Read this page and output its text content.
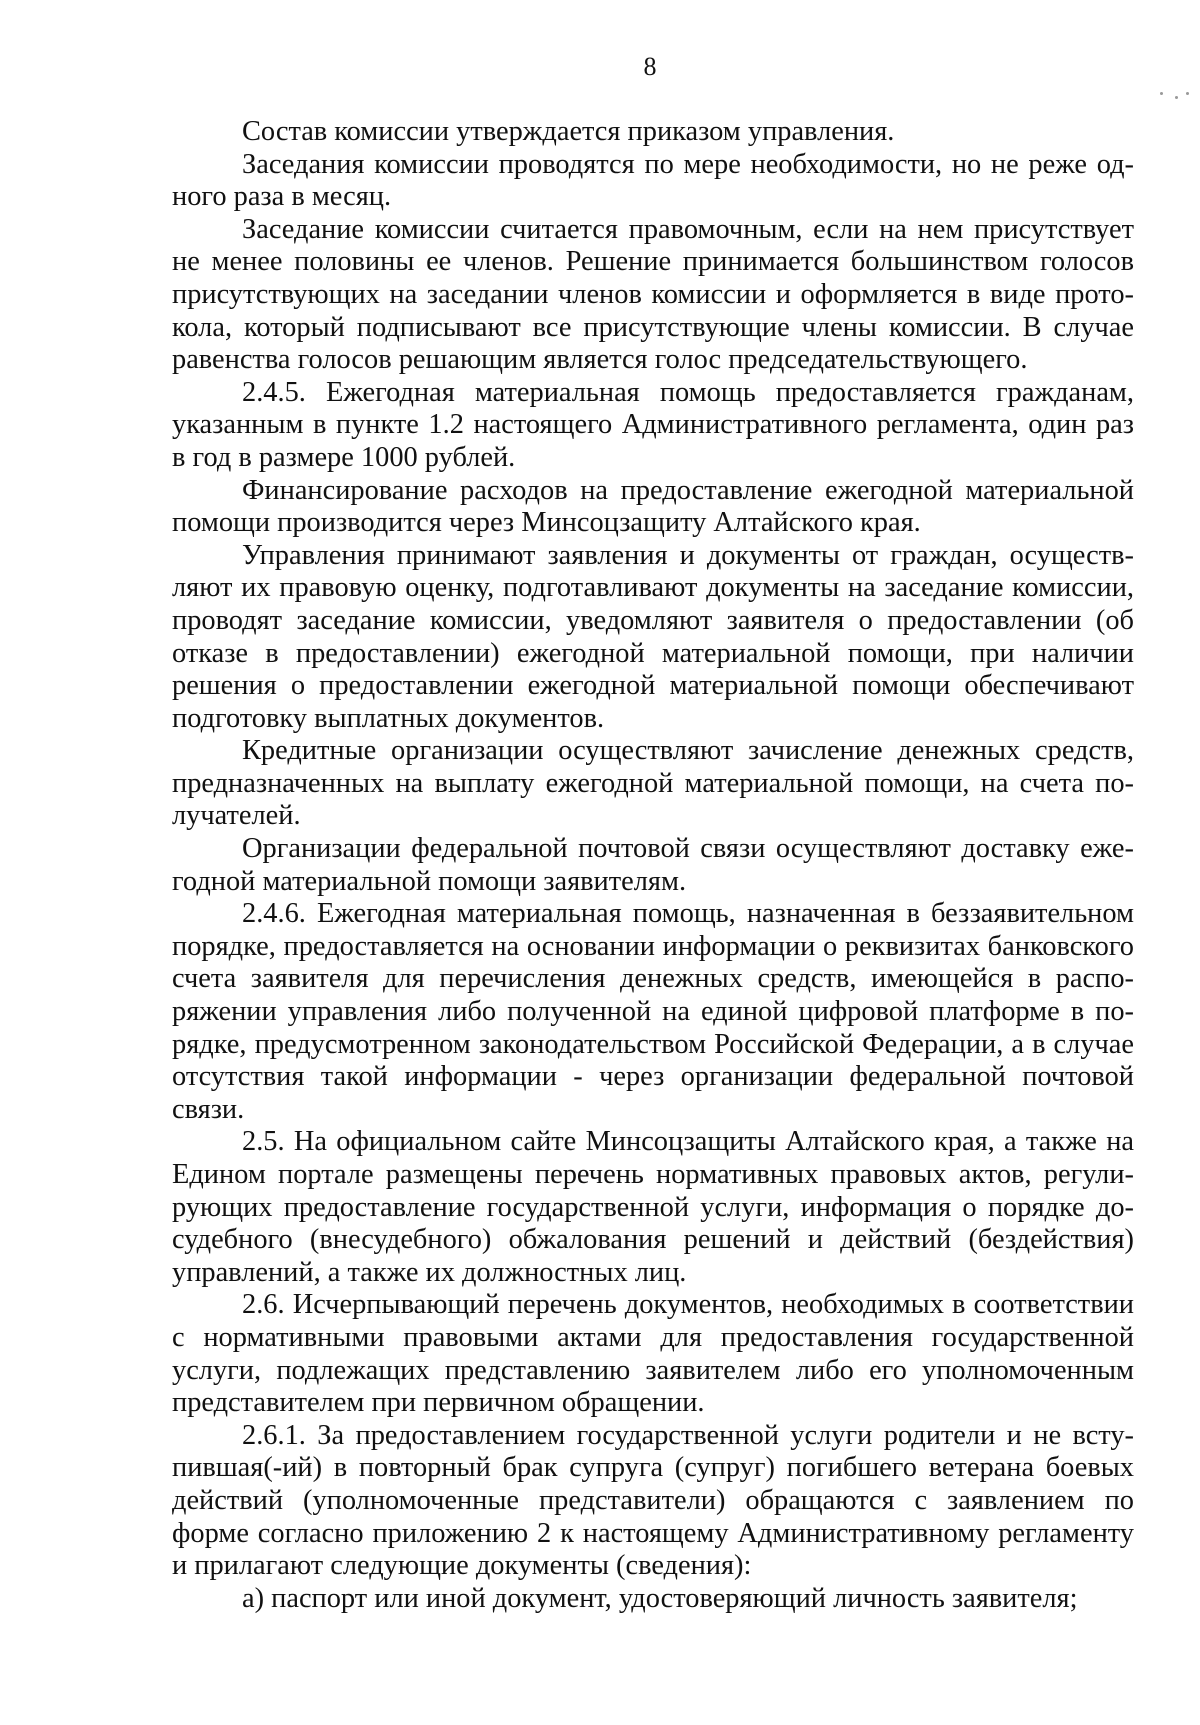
8

Состав комиссии утверждается приказом управления.

Заседания комиссии проводятся по мере необходимости, но не реже одного раза в месяц.

Заседание комиссии считается правомочным, если на нем присутствует не менее половины ее членов. Решение принимается большинством голосов присутствующих на заседании членов комиссии и оформляется в виде протокола, который подписывают все присутствующие члены комиссии. В случае равенства голосов решающим является голос председательствующего.

2.4.5. Ежегодная материальная помощь предоставляется гражданам, указанным в пункте 1.2 настоящего Административного регламента, один раз в год в размере 1000 рублей.

Финансирование расходов на предоставление ежегодной материальной помощи производится через Минсоцзащиту Алтайского края.

Управления принимают заявления и документы от граждан, осуществляют их правовую оценку, подготавливают документы на заседание комиссии, проводят заседание комиссии, уведомляют заявителя о предоставлении (об отказе в предоставлении) ежегодной материальной помощи, при наличии решения о предоставлении ежегодной материальной помощи обеспечивают подготовку выплатных документов.

Кредитные организации осуществляют зачисление денежных средств, предназначенных на выплату ежегодной материальной помощи, на счета получателей.

Организации федеральной почтовой связи осуществляют доставку ежегодной материальной помощи заявителям.

2.4.6. Ежегодная материальная помощь, назначенная в беззаявительном порядке, предоставляется на основании информации о реквизитах банковского счета заявителя для перечисления денежных средств, имеющейся в распоряжении управления либо полученной на единой цифровой платформе в порядке, предусмотренном законодательством Российской Федерации, а в случае отсутствия такой информации - через организации федеральной почтовой связи.

2.5. На официальном сайте Минсоцзащиты Алтайского края, а также на Едином портале размещены перечень нормативных правовых актов, регулирующих предоставление государственной услуги, информация о порядке досудебного (внесудебного) обжалования решений и действий (бездействия) управлений, а также их должностных лиц.

2.6. Исчерпывающий перечень документов, необходимых в соответствии с нормативными правовыми актами для предоставления государственной услуги, подлежащих представлению заявителем либо его уполномоченным представителем при первичном обращении.

2.6.1. За предоставлением государственной услуги родители и не вступившая(-ий) в повторный брак супруга (супруг) погибшего ветерана боевых действий (уполномоченные представители) обращаются с заявлением по форме согласно приложению 2 к настоящему Административному регламенту и прилагают следующие документы (сведения):

а) паспорт или иной документ, удостоверяющий личность заявителя;
